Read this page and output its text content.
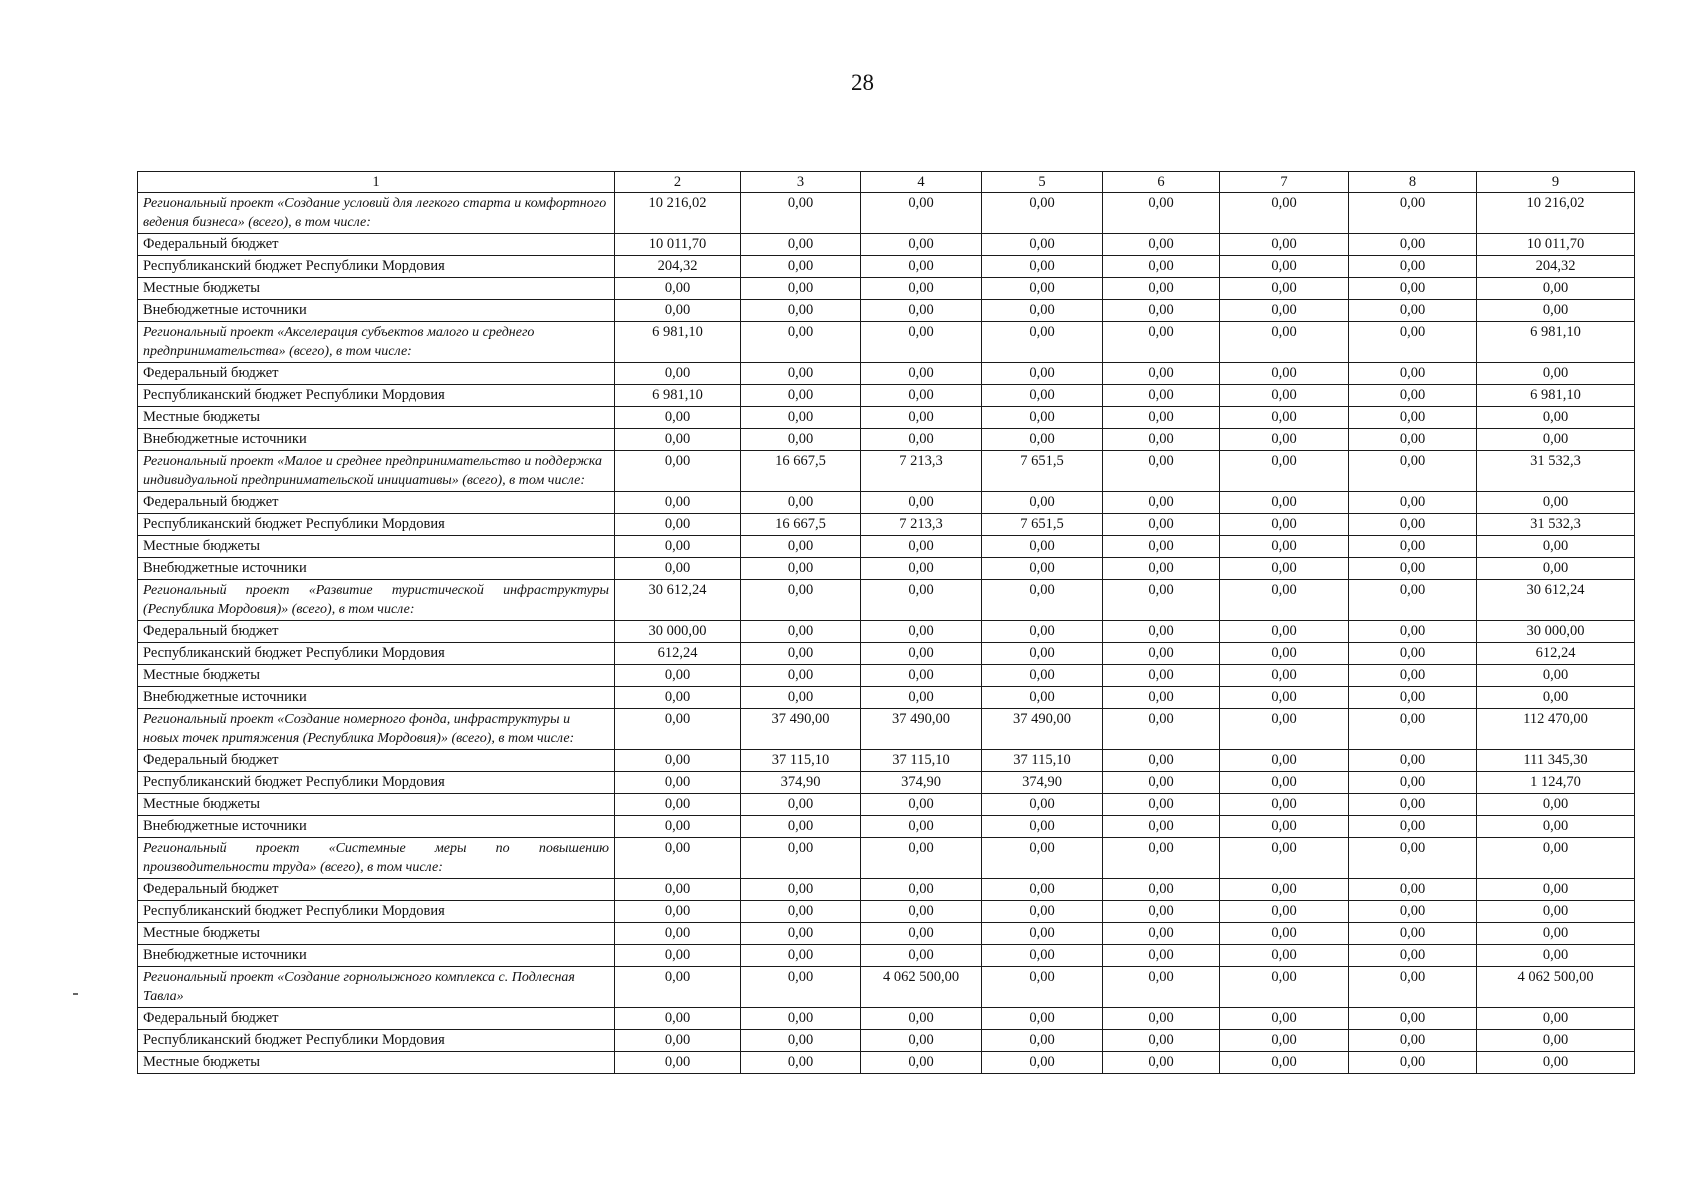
28
1	2	3	4	5	6	7	8	9
Региональный проект «Создание условий для легкого старта и комфортного ведения бизнеса» (всего), в том числе:	10 216,02	0,00	0,00	0,00	0,00	0,00	0,00	10 216,02
Федеральный бюджет	10 011,70	0,00	0,00	0,00	0,00	0,00	0,00	10 011,70
Республиканский бюджет Республики Мордовия	204,32	0,00	0,00	0,00	0,00	0,00	0,00	204,32
Местные бюджеты	0,00	0,00	0,00	0,00	0,00	0,00	0,00	0,00
Внебюджетные источники	0,00	0,00	0,00	0,00	0,00	0,00	0,00	0,00
Региональный проект «Акселерация субъектов малого и среднего предпринимательства» (всего), в том числе:	6 981,10	0,00	0,00	0,00	0,00	0,00	0,00	6 981,10
Федеральный бюджет	0,00	0,00	0,00	0,00	0,00	0,00	0,00	0,00
Республиканский бюджет Республики Мордовия	6 981,10	0,00	0,00	0,00	0,00	0,00	0,00	6 981,10
Местные бюджеты	0,00	0,00	0,00	0,00	0,00	0,00	0,00	0,00
Внебюджетные источники	0,00	0,00	0,00	0,00	0,00	0,00	0,00	0,00
Региональный проект «Малое и среднее предпринимательство и поддержка индивидуальной предпринимательской инициативы» (всего), в том числе:	0,00	16 667,5	7 213,3	7 651,5	0,00	0,00	0,00	31 532,3
Федеральный бюджет	0,00	0,00	0,00	0,00	0,00	0,00	0,00	0,00
Республиканский бюджет Республики Мордовия	0,00	16 667,5	7 213,3	7 651,5	0,00	0,00	0,00	31 532,3
Местные бюджеты	0,00	0,00	0,00	0,00	0,00	0,00	0,00	0,00
Внебюджетные источники	0,00	0,00	0,00	0,00	0,00	0,00	0,00	0,00
Региональный проект «Развитие туристической инфраструктуры (Республика Мордовия)» (всего), в том числе:	30 612,24	0,00	0,00	0,00	0,00	0,00	0,00	30 612,24
Федеральный бюджет	30 000,00	0,00	0,00	0,00	0,00	0,00	0,00	30 000,00
Республиканский бюджет Республики Мордовия	612,24	0,00	0,00	0,00	0,00	0,00	0,00	612,24
Местные бюджеты	0,00	0,00	0,00	0,00	0,00	0,00	0,00	0,00
Внебюджетные источники	0,00	0,00	0,00	0,00	0,00	0,00	0,00	0,00
Региональный проект «Создание номерного фонда, инфраструктуры и новых точек притяжения (Республика Мордовия)» (всего), в том числе:	0,00	37 490,00	37 490,00	37 490,00	0,00	0,00	0,00	112 470,00
Федеральный бюджет	0,00	37 115,10	37 115,10	37 115,10	0,00	0,00	0,00	111 345,30
Республиканский бюджет Республики Мордовия	0,00	374,90	374,90	374,90	0,00	0,00	0,00	1 124,70
Местные бюджеты	0,00	0,00	0,00	0,00	0,00	0,00	0,00	0,00
Внебюджетные источники	0,00	0,00	0,00	0,00	0,00	0,00	0,00	0,00
Региональный проект «Системные меры по повышению производительности труда» (всего), в том числе:	0,00	0,00	0,00	0,00	0,00	0,00	0,00	0,00
Федеральный бюджет	0,00	0,00	0,00	0,00	0,00	0,00	0,00	0,00
Республиканский бюджет Республики Мордовия	0,00	0,00	0,00	0,00	0,00	0,00	0,00	0,00
Местные бюджеты	0,00	0,00	0,00	0,00	0,00	0,00	0,00	0,00
Внебюджетные источники	0,00	0,00	0,00	0,00	0,00	0,00	0,00	0,00
Региональный проект «Создание горнолыжного комплекса с. Подлесная Тавла»	0,00	0,00	4 062 500,00	0,00	0,00	0,00	0,00	4 062 500,00
Федеральный бюджет	0,00	0,00	0,00	0,00	0,00	0,00	0,00	0,00
Республиканский бюджет Республики Мордовия	0,00	0,00	0,00	0,00	0,00	0,00	0,00	0,00
Местные бюджеты	0,00	0,00	0,00	0,00	0,00	0,00	0,00	0,00
